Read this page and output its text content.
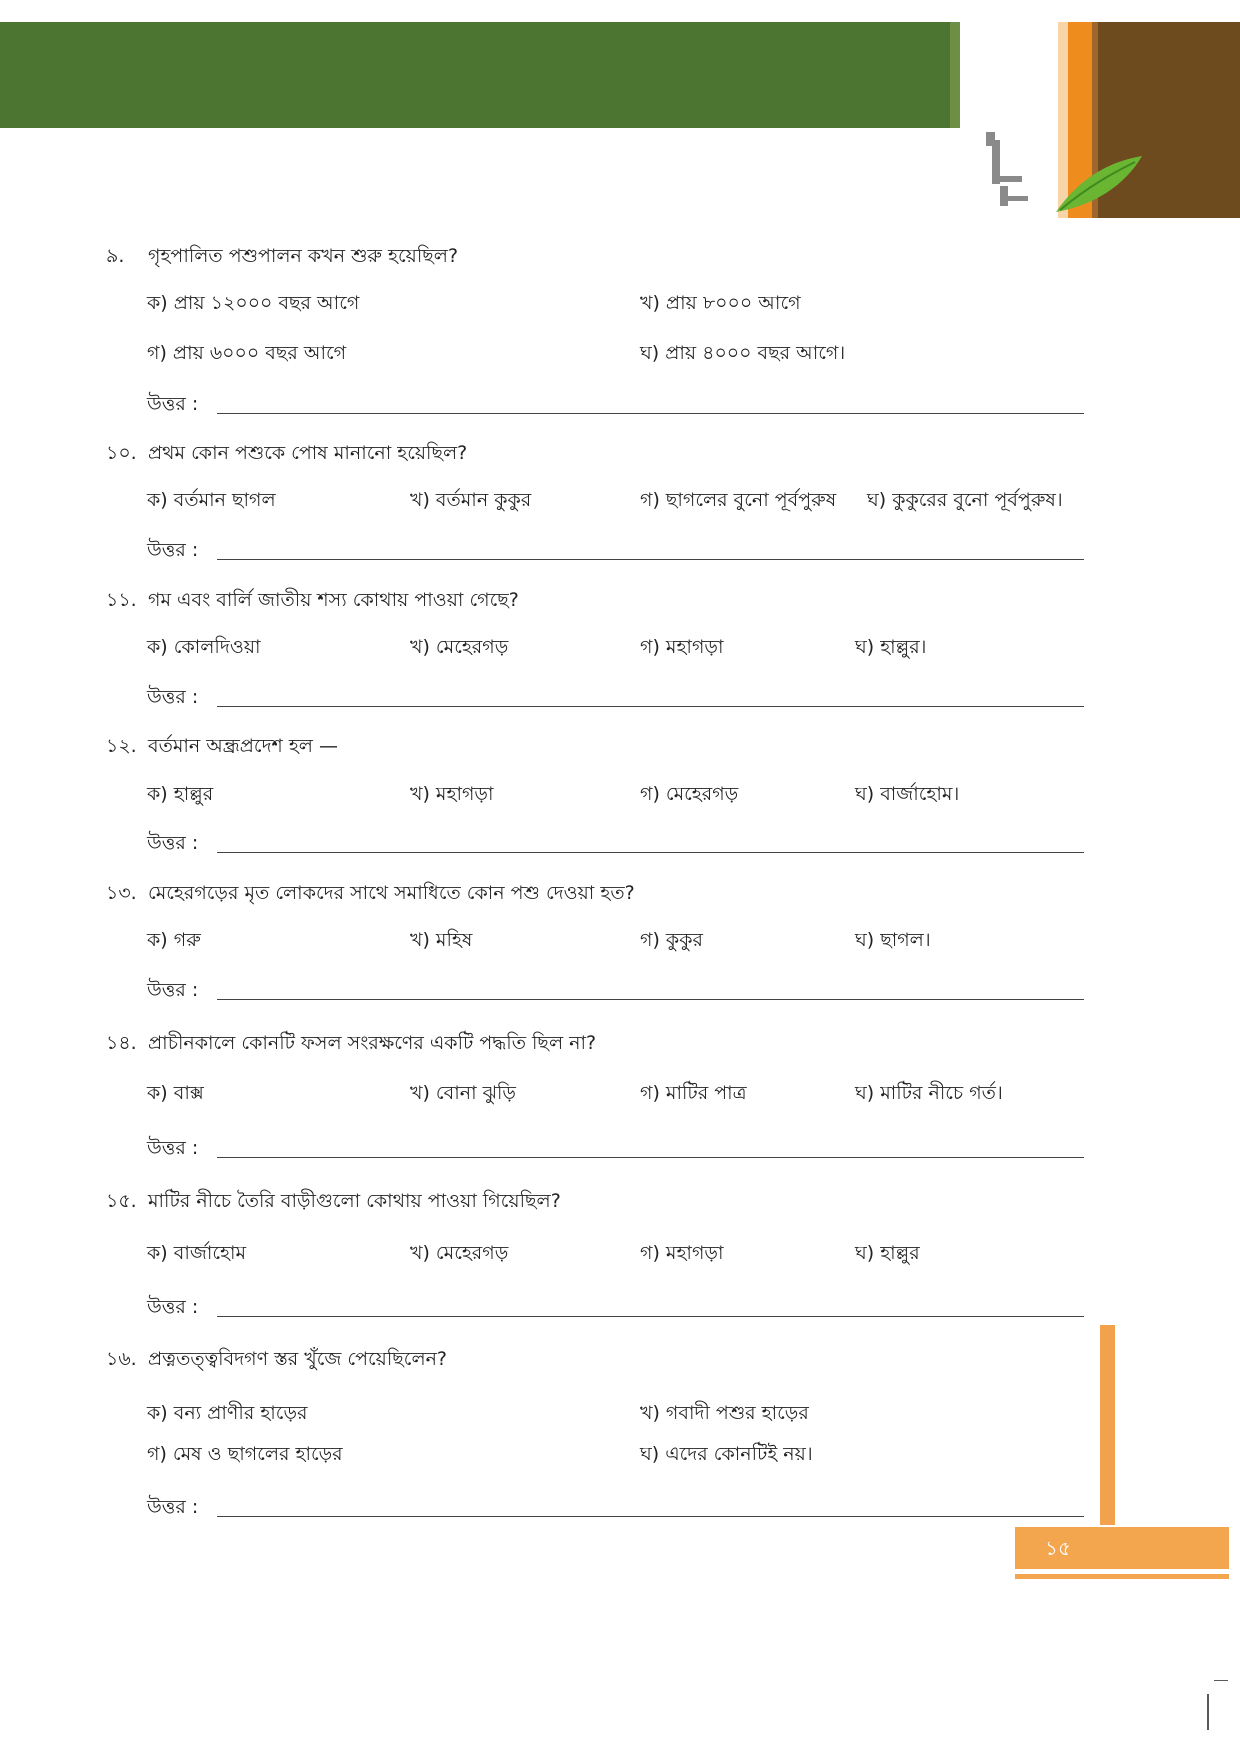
৯. গৃহপালিত পশুপালন কখন শুরু হয়েছিল?
ক) প্রায় ১২০০০ বছর আগে	খ) প্রায় ৮০০০ আগে
গ) প্রায় ৬০০০ বছর আগে	ঘ) প্রায় ৪০০০ বছর আগে।
উত্তর :
১০. প্রথম কোন পশুকে পোষ মানানো হয়েছিল?
ক) বর্তমান ছাগল	খ) বর্তমান কুকুর	গ) ছাগলের বুনো পূর্বপুরুষ ঘ) কুকুরের বুনো পূর্বপুরুষ।
উত্তর :
১১. গম এবং বার্লি জাতীয় শস্য কোথায় পাওয়া গেছে?
ক) কোলদিওয়া	খ) মেহেরগড়	গ) মহাগড়া	ঘ) হাল্লুর।
উত্তর :
১২. বর্তমান অন্ধ্রপ্রদেশ হল —
ক) হাল্লুর	খ) মহাগড়া	গ) মেহেরগড়	ঘ) বার্জাহোম।
উত্তর :
১৩. মেহেরগড়ের মৃত লোকদের সাথে সমাধিতে কোন পশু দেওয়া হত?
ক) গরু	খ) মহিষ	গ) কুকুর	ঘ) ছাগল।
উত্তর :
১৪. প্রাচীনকালে কোনটি ফসল সংরক্ষণের একটি পদ্ধতি ছিল না?
ক) বাক্স	খ) বোনা ঝুড়ি	গ) মাটির পাত্র	ঘ) মাটির নীচে গর্ত।
উত্তর :
১৫. মাটির নীচে তৈরি বাড়ীগুলো কোথায় পাওয়া গিয়েছিল?
ক) বার্জাহোম	খ) মেহেরগড়	গ) মহাগড়া	ঘ) হাল্লুর
উত্তর :
১৬. প্রত্নতত্ত্ববিদগণ স্তর খুঁজে পেয়েছিলেন?
ক) বন্য প্রাণীর হাড়ের	খ) গবাদী পশুর হাড়ের
গ) মেষ ও ছাগলের হাড়ের	ঘ) এদের কোনটিই নয়।
উত্তর :
১৫
